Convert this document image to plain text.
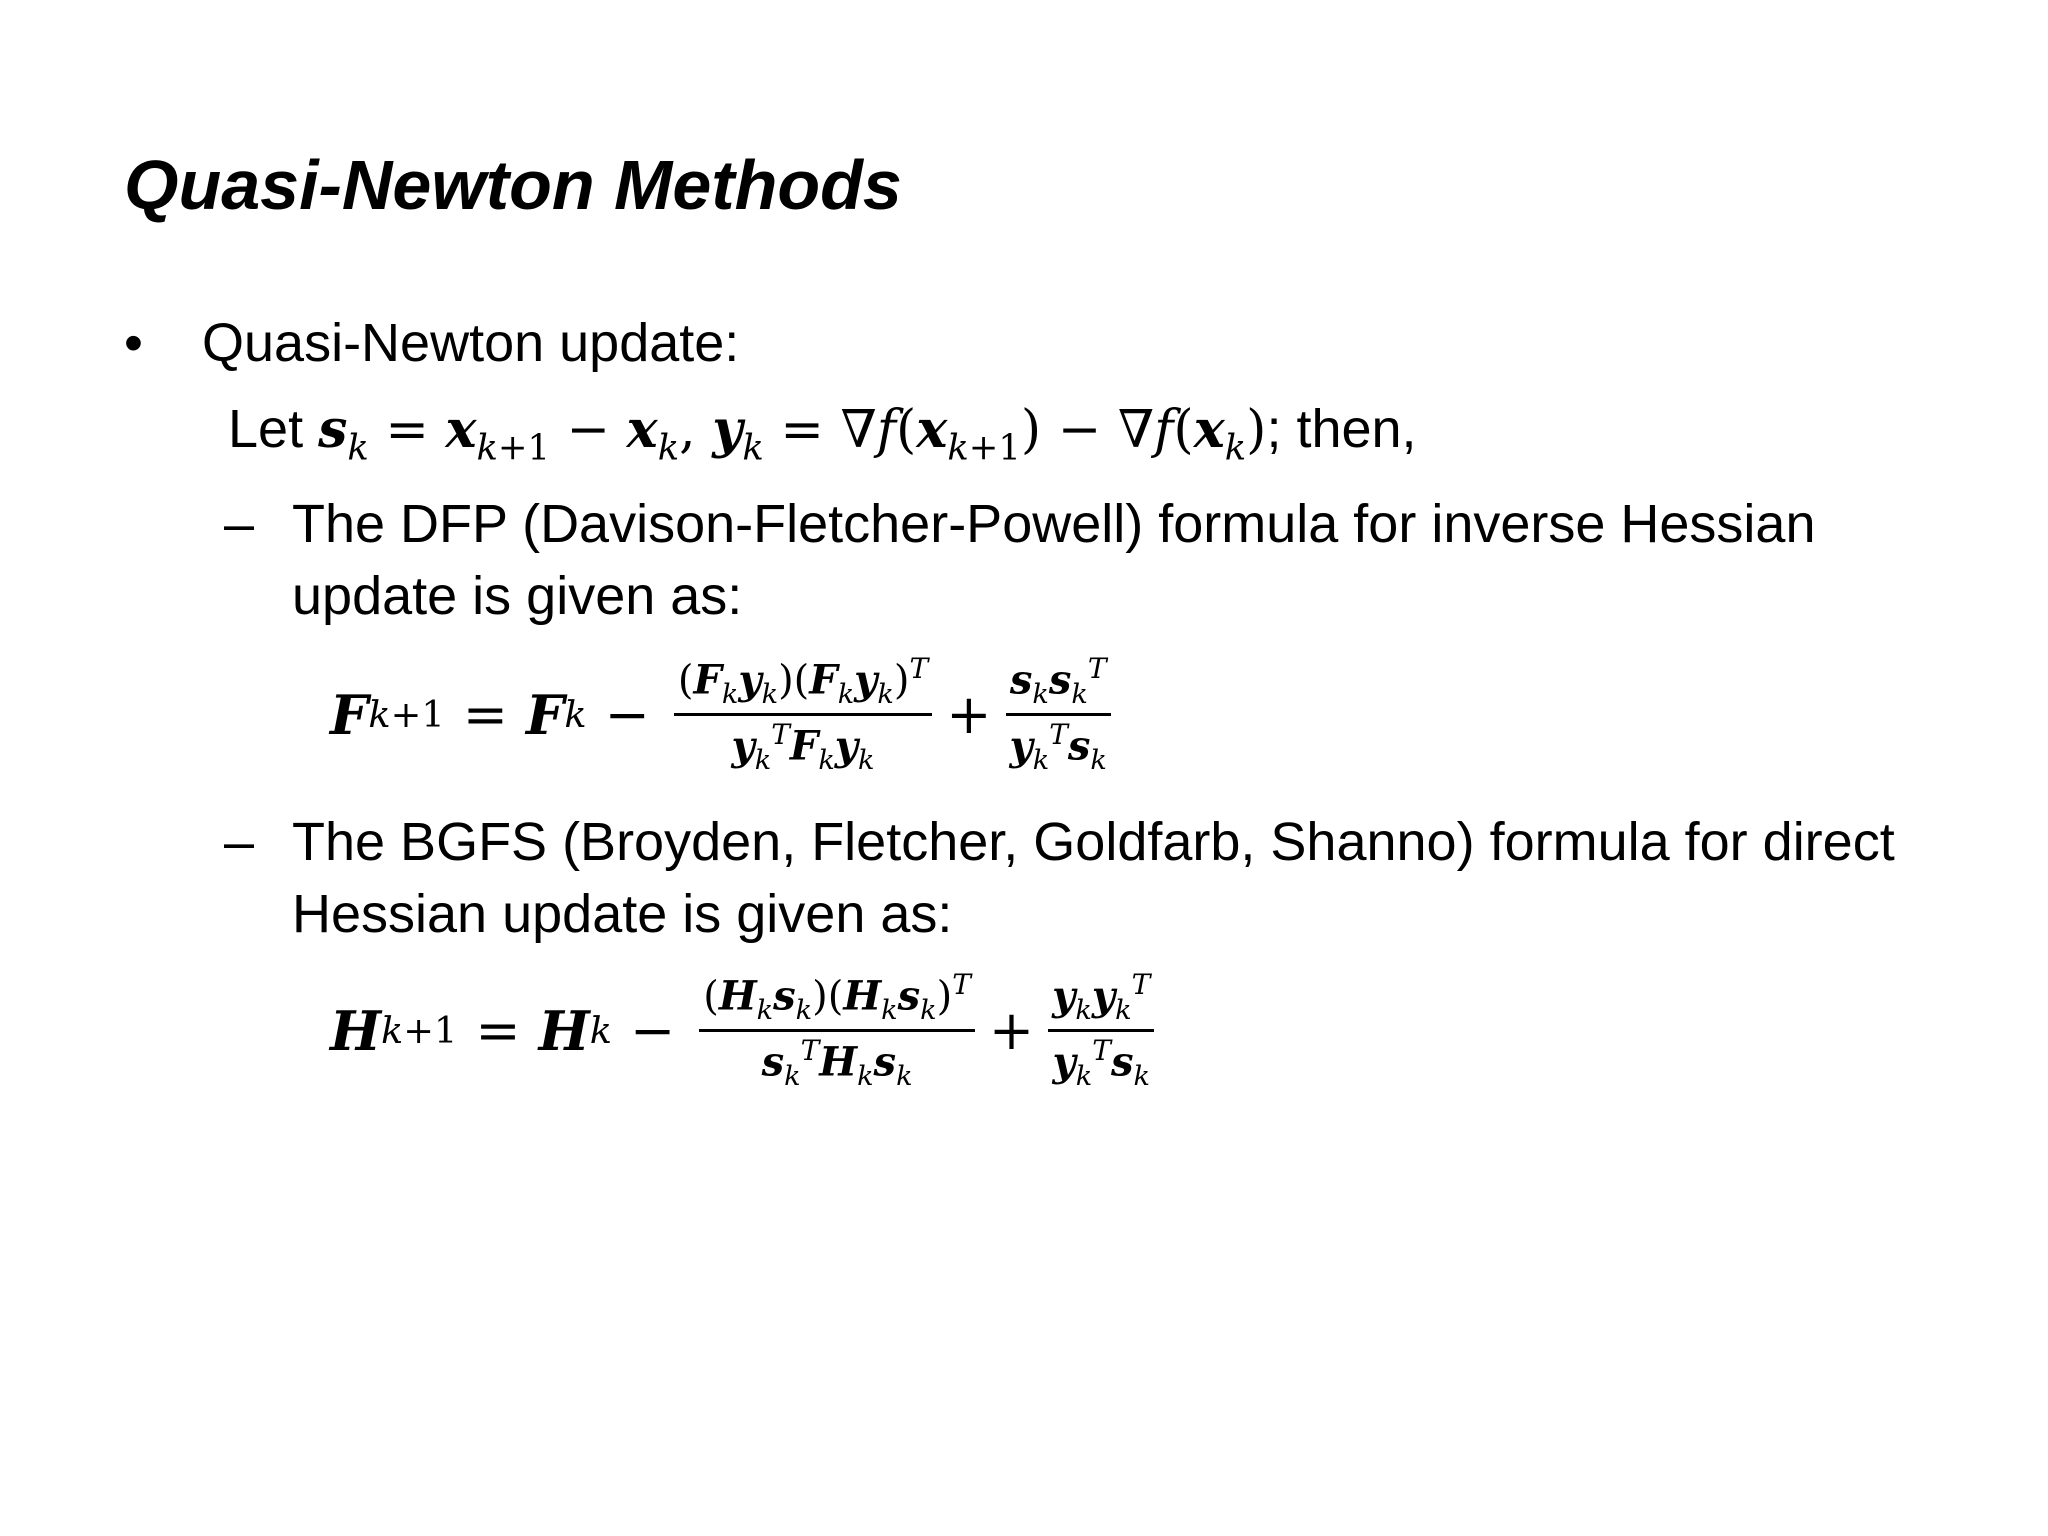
Quasi-Newton Methods
• Quasi-Newton update:
Let $s_k = x_{k+1} - x_k$, $y_k = \nabla f(x_{k+1}) - \nabla f(x_k)$; then,
– The DFP (Davison-Fletcher-Powell) formula for inverse Hessian
update is given as:
F k+1 = F $k - \frac{(F_ky_k)(F_ky_k)^T}{y_k^TF_ky_k} + \frac{s_ks_k^T}{y_k^Ts_k}$
– The BGFS (Broyden, Fletcher, Goldfarb, Shanno) formula for direct
Hessian update is given as:
H k+1 = H $k - \frac{(H_ks_k)(H_ks_k)^T}{s_k^TH_ks_k} + \frac{y_ky_k^T}{y_k^Ts_k}$
